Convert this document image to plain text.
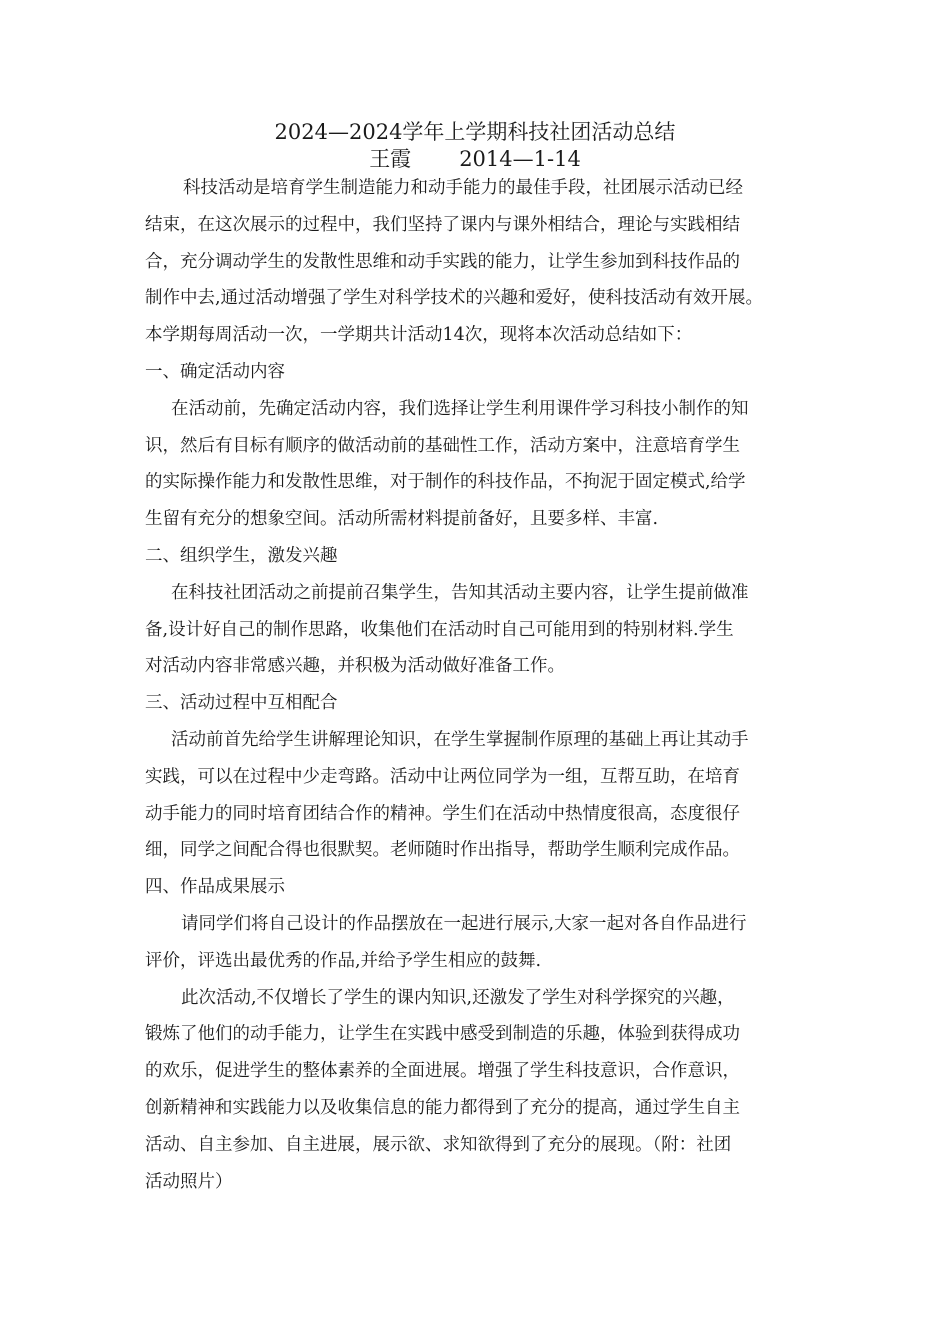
2024—2024学年上学期科技社团活动总结

王霞 2014—1-14

科技活动是培育学生制造能力和动手能力的最佳手段，社团展示活动已经
结束，在这次展示的过程中，我们坚持了课内与课外相结合，理论与实践相结
合，充分调动学生的发散性思维和动手实践的能力，让学生参加到科技作品的
制作中去,通过活动增强了学生对科学技术的兴趣和爱好，使科技活动有效开展。
本学期每周活动一次，一学期共计活动14次，现将本次活动总结如下：
一、确定活动内容
在活动前，先确定活动内容，我们选择让学生利用课件学习科技小制作的知
识，然后有目标有顺序的做活动前的基础性工作，活动方案中，注意培育学生
的实际操作能力和发散性思维，对于制作的科技作品，不拘泥于固定模式,给学
生留有充分的想象空间。活动所需材料提前备好，且要多样、丰富.
二、组织学生，激发兴趣
在科技社团活动之前提前召集学生，告知其活动主要内容，让学生提前做准
备,设计好自己的制作思路，收集他们在活动时自己可能用到的特别材料.学生
对活动内容非常感兴趣，并积极为活动做好准备工作。
三、活动过程中互相配合
活动前首先给学生讲解理论知识，在学生掌握制作原理的基础上再让其动手
实践，可以在过程中少走弯路。活动中让两位同学为一组，互帮互助，在培育
动手能力的同时培育团结合作的精神。学生们在活动中热情度很高，态度很仔
细，同学之间配合得也很默契。老师随时作出指导，帮助学生顺利完成作品。
四、作品成果展示
请同学们将自己设计的作品摆放在一起进行展示,大家一起对各自作品进行
评价，评选出最优秀的作品,并给予学生相应的鼓舞.
此次活动,不仅增长了学生的课内知识,还激发了学生对科学探究的兴趣，
锻炼了他们的动手能力，让学生在实践中感受到制造的乐趣，体验到获得成功
的欢乐，促进学生的整体素养的全面进展。增强了学生科技意识，合作意识，
创新精神和实践能力以及收集信息的能力都得到了充分的提高，通过学生自主
活动、自主参加、自主进展，展示欲、求知欲得到了充分的展现。（附：社团
活动照片）
